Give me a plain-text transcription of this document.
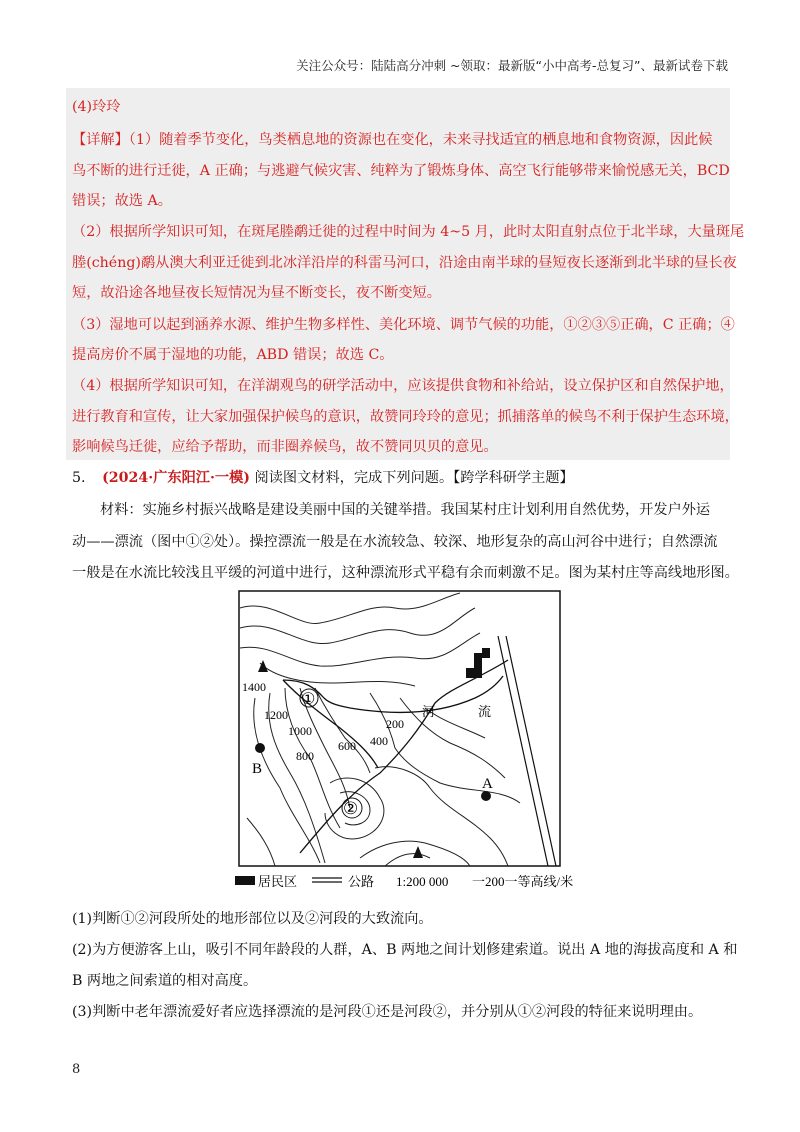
关注公众号：陆陆高分冲刺 ~领取：最新版“小中高考-总复习”、最新试卷下载
(4)玲玲
【详解】（1）随着季节变化，鸟类栖息地的资源也在变化，未来寻找适宜的栖息地和食物资源，因此候
鸟不断的进行迁徙，A 正确；与逃避气候灾害、纯粹为了锻炼身体、高空飞行能够带来愉悦感无关，BCD
错误；故选 A。
（2）根据所学知识可知，在斑尾塍鹬迁徙的过程中时间为 4~5 月，此时太阳直射点位于北半球，大量斑尾
塍(chéng)鹬从澳大利亚迁徙到北冰洋沿岸的科雷马河口，沿途由南半球的昼短夜长逐渐到北半球的昼长夜
短，故沿途各地昼夜长短情况为昼不断变长，夜不断变短。
（3）湿地可以起到涵养水源、维护生物多样性、美化环境、调节气候的功能，①②③⑤正确，C 正确；④
提高房价不属于湿地的功能，ABD 错误；故选 C。
（4）根据所学知识可知，在洋湖观鸟的研学活动中，应该提供食物和补给站，设立保护区和自然保护地，
进行教育和宣传，让大家加强保护候鸟的意识，故赞同玲玲的意见；抓捕落单的候鸟不利于保护生态环境，
影响候鸟迁徙，应给予帮助，而非圈养候鸟，故不赞同贝贝的意见。
5. (2024·广东阳江·一模) 阅读图文材料，完成下列问题。【跨学科研学主题】
材料：实施乡村振兴战略是建设美丽中国的关键举措。我国某村庄计划利用自然优势，开发户外运
动——漂流（图中①②处）。操控漂流一般是在水流较急、较深、地形复杂的高山河谷中进行；自然漂流
一般是在水流比较浅且平缓的河道中进行，这种漂流形式平稳有余而刺激不足。图为某村庄等高线地形图。
A
B
①
②
1400
1200
1000
800
600 400
200
河	流
居民区	公路 1:200 000 一200一等高线/米
(1)判断①②河段所处的地形部位以及②河段的大致流向。
(2)为方便游客上山，吸引不同年龄段的人群，A、B 两地之间计划修建索道。说出 A 地的海拔高度和 A 和
B 两地之间索道的相对高度。
(3)判断中老年漂流爱好者应选择漂流的是河段①还是河段②，并分别从①②河段的特征来说明理由。
8
